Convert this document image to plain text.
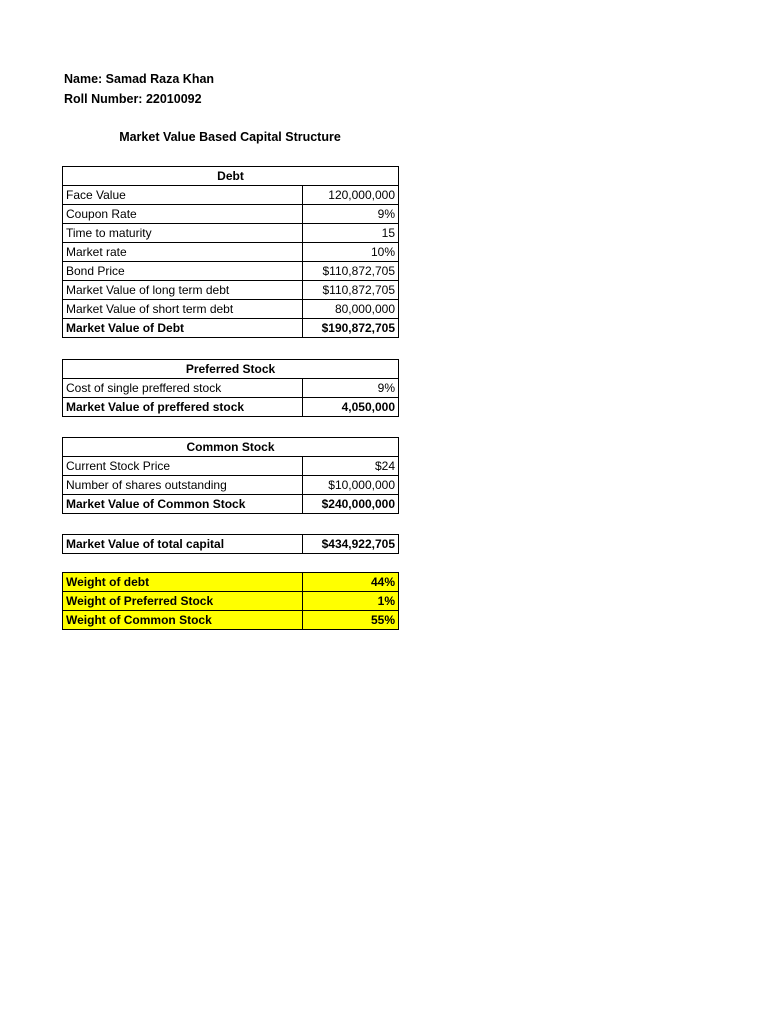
Name: Samad Raza Khan
Roll Number: 22010092
Market Value Based Capital Structure
Debt	
Face Value	120,000,000
Coupon Rate	9%
Time to maturity	15
Market rate	10%
Bond Price	$110,872,705
Market Value of long term debt	$110,872,705
Market Value of short term debt	80,000,000
Market Value of Debt	$190,872,705
Preferred Stock	
Cost of single preffered stock	9%
Market Value of preffered stock	4,050,000
Common Stock	
Current Stock Price	$24
Number of shares outstanding	$10,000,000
Market Value of Common Stock	$240,000,000
Market Value of total capital	$434,922,705
Weight of debt	44%
Weight of Preferred Stock	1%
Weight of Common Stock	55%
